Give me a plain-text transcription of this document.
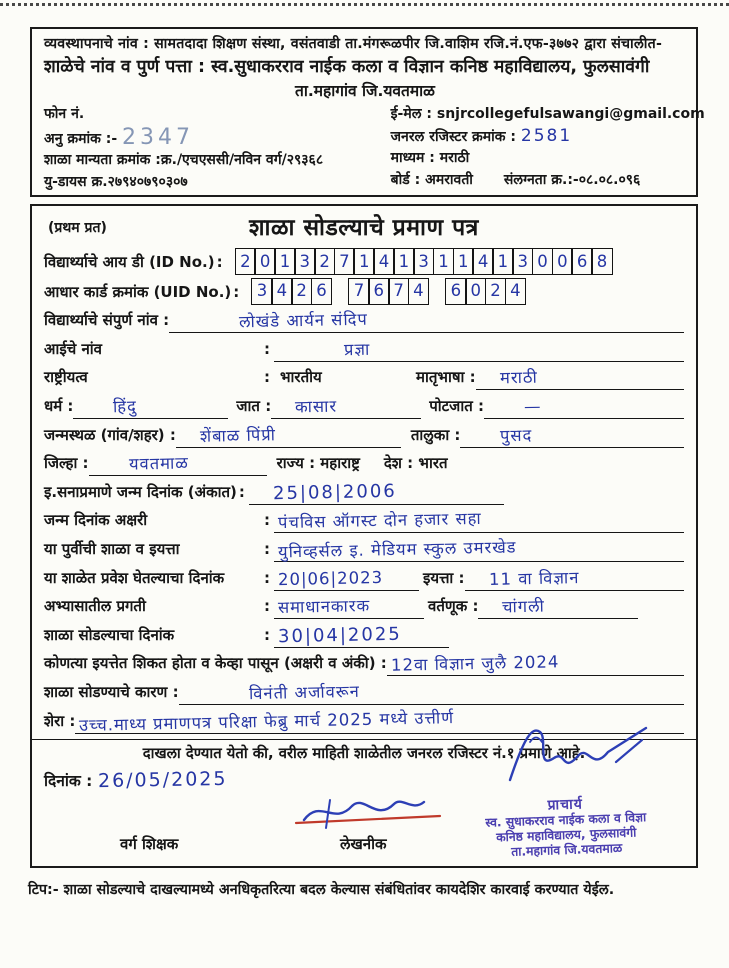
व्यवस्थापनाचे नांव : सामतदादा शिक्षण संस्था, वसंतवाडी ता.मंगरूळपीर जि.वाशिम रजि.नं.एफ-३७७२ द्वारा संचालीत-
शाळेचे नांव व पुर्ण पत्ता : स्व.सुधाकरराव नाईक कला व विज्ञान कनिष्ठ महाविद्यालय, फुलसावंगी
ता.महागांव जि.यवतमाळ
फोन नं.
अनु क्रमांक :- 2347
शाळा मान्यता क्रमांक :क्र./एचएससी/नविन वर्ग/२९३६८
यु-डायस क्र.२७९४०७९०३०७
ई-मेल : snjrcollegefulsawangi@gmail.com
जनरल रजिस्टर क्रमांक : 2581
माध्यम : मराठी
बोर्ड : अमरावती संलग्नता क्र.:-०८.०८.०९६
(प्रथम प्रत)	शाळा सोडल्याचे प्रमाण पत्र
विद्यार्थ्याचे आय डी (ID No.) :	2 0 1 3 2 7 1 4 1 3 1 1 4 1 3 0 0 6 8
आधार कार्ड क्रमांक (UID No.) :	3 4 2 6	7 6 7 4	6 0 2 4
विद्यार्थ्याचे संपुर्ण नांव :	लोखंडे आर्यन संदिप
आईचे नांव	:	प्रज्ञा
राष्ट्रीयत्व	: भारतीय	मातृभाषा : मराठी
धर्म : हिंदु	जात : कासार	पोटजात : —
जन्मस्थळ (गांव/शहर) : शेंबाळ पिंप्री	तालुका : पुसद
जिल्हा : यवतमाळ	राज्य : महाराष्ट्र	देश : भारत
इ.सनाप्रमाणे जन्म दिनांक (अंकात) : 25|08|2006
जन्म दिनांक अक्षरी	: पंचविस ऑगस्ट दोन हजार सहा
या पुर्वीची शाळा व इयत्ता	: युनिव्हर्सल इ. मेडियम स्कुल उमरखेड
या शाळेत प्रवेश घेतल्याचा दिनांक	: 20|06|2023	इयत्ता : 11 वा विज्ञान
अभ्यासातील प्रगती	: समाधानकारक	वर्तणूक : चांगली
शाळा सोडल्याचा दिनांक	: 30|04|2025
कोणत्या इयत्तेत शिकत होता व केव्हा पासून (अक्षरी व अंकी) : 12वा विज्ञान जुलै 2024
शाळा सोडण्याचे कारण :	विनंती अर्जावरून
शेरा : उच्च.माध्य प्रमाणपत्र परिक्षा फेब्रु मार्च 2025 मध्ये उत्तीर्ण
दाखला देण्यात येतो की, वरील माहिती शाळेतील जनरल रजिस्टर नं.१ प्रमाणे आहे.
दिनांक : 26/05/2025
वर्ग शिक्षक	लेखनीक
प्राचार्य
स्व. सुधाकरराव नाईक कला व विज्ञा
कनिष्ठ महाविद्यालय, फुलसावंगी
ता.महागांव जि.यवतमाळ
टिप:- शाळा सोडल्याचे दाखल्यामध्ये अनधिकृतरित्या बदल केल्यास संबंधितांवर कायदेशिर कारवाई करण्यात येईल.
